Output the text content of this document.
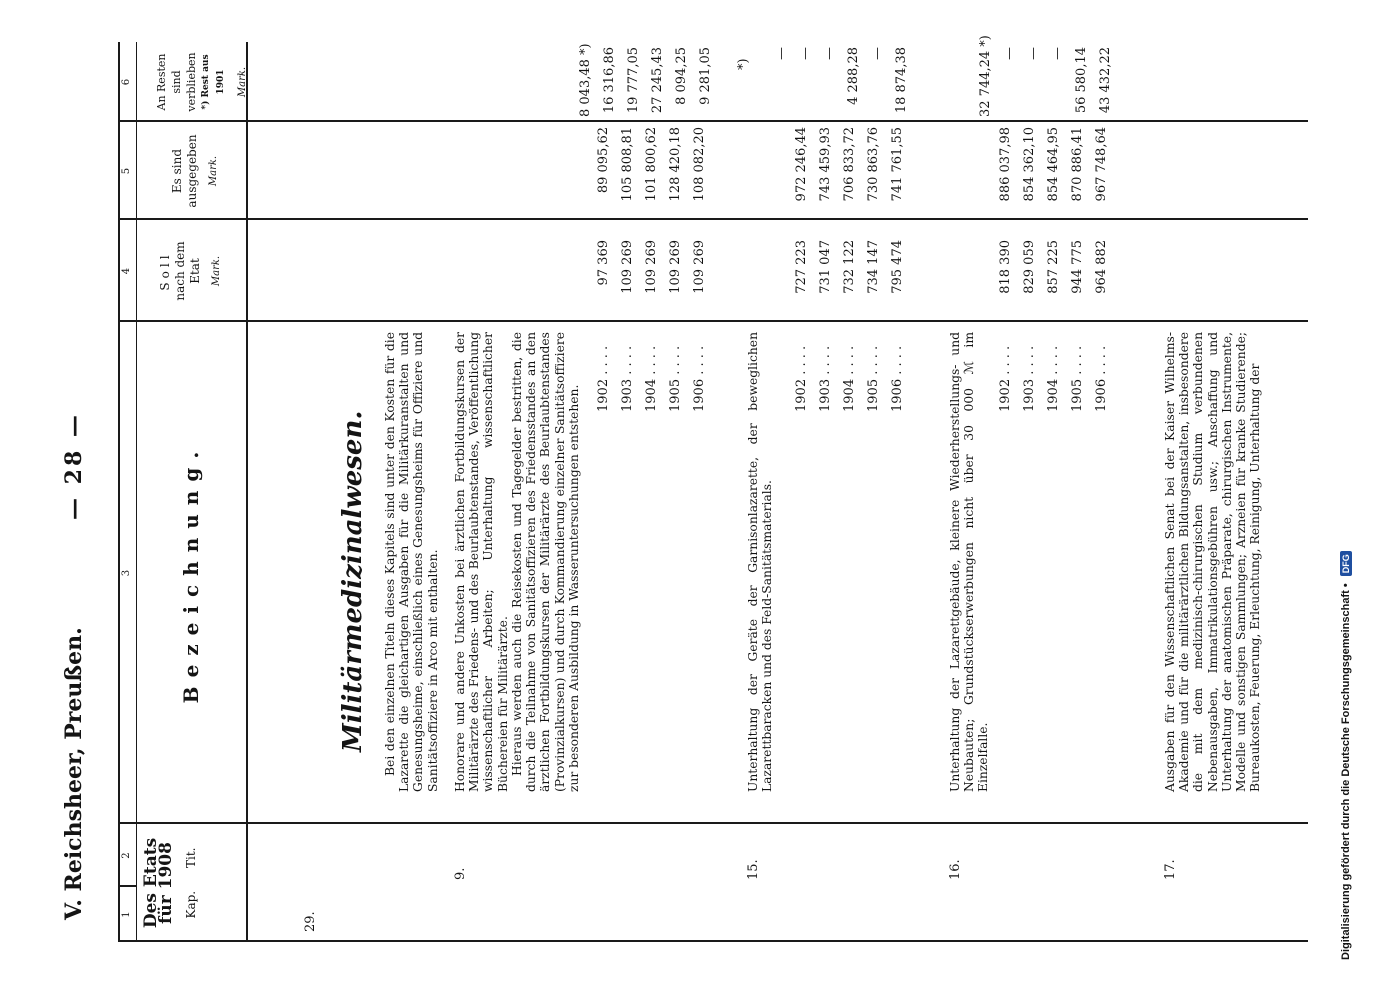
V. Reichsheer, Preußen.
— 28 —
1
2
3
4
5
6
Des Etats
für 1908 Kap.      Tit.
Bezeichnung.
Soll nach dem Etat Mark.
Es sind ausgegeben Mark.
An Resten sind verblieben *) Rest aus 1901	Mark.
29.
Militärmedizinalwesen. Bei den einzelnen Titeln dieses Kapitels sind unter den Kosten für die Lazarette die gleichartigen Ausgaben für die Militärkuranstalten und Genesungsheime, einschließlich eines Genesungsheims für Offiziere und Sanitätsoffiziere in Arco mit enthalten.

9.

Honorare und andere Unkosten bei ärztlichen Fortbildungskursen der Militärärzte des Friedens- und des Beurlaubtenstandes, Veröffentlichung wissenschaftlicher Arbeiten; Unterhaltung wissenschaftlicher Büchereien für Militärärzte. Hieraus werden auch die Reisekosten und Tagegelder bestritten, die durch die Teilnahme von Sanitätsoffizieren des Friedensstandes an den ärztlichen Fortbildungskursen der Militärärzte des Beurlaubtenstandes (Provinzialkursen) und durch Kommandierung einzelner Sanitätsoffiziere zur besonderen Ausbildung in Wasseruntersuchungen entstehen.

1902 . . . .
97 369
89 095,62
8 043,48 *)
1903 . . . .
109 269
105 808,81
16 316,86
1904 . . . .
109 269
101 800,62
19 777,05
1905 . . . .
109 269
128 420,18
27 245,43
1906 . . . .
109 269
108 082,20
8 094,25 9 281,05
15.

Unterhaltung der Geräte der Garnisonlazarette, der beweglichen Lazarettbaracken und des Feld-Sanitätsmaterials.

*)
1902 . . . .
727 223
972 246,44
—
1903 . . . .
731 047
743 459,93
—
1904 . . . .
732 122
706 833,72
—
1905 . . . .
734 147
730 863,76
4 288,28
1906 . . . .
795 474
741 761,55
— 18 874,38
16.

Unterhaltung der Lazarettgebäude, kleinere Wiederherstellungs- und Neubauten; Grundstückserwerbungen nicht über 30 000 ℳ im Einzelfalle.

1902 . . . .
818 390
886 037,98
32 744,24 *)
1903 . . . .
829 059
854 362,10
—
1904 . . . .
857 225
854 464,95
—
1905 . . . .
944 775
870 886,41
—
1906 . . . .
964 882
967 748,64
56 580,14 43 432,22
17.

Ausgaben für den Wissenschaftlichen Senat bei der Kaiser Wilhelms-Akademie und für die militärärztlichen Bildungsanstalten, insbesondere die mit dem medizinisch-chirurgischen Studium verbundenen Nebenausgaben, Immatrikulationsgebühren usw.; Anschaffung und Unterhaltung der anatomischen Präparate, chirurgischen Instrumente, Modelle und sonstigen Sammlungen; Arzneien für kranke Studierende; Bureaukosten, Feuerung, Erleuchtung, Reinigung, Unterhaltung der	Digitalisierung gefördert durch die Deutsche Forschungsgemeinschaft • DFG
